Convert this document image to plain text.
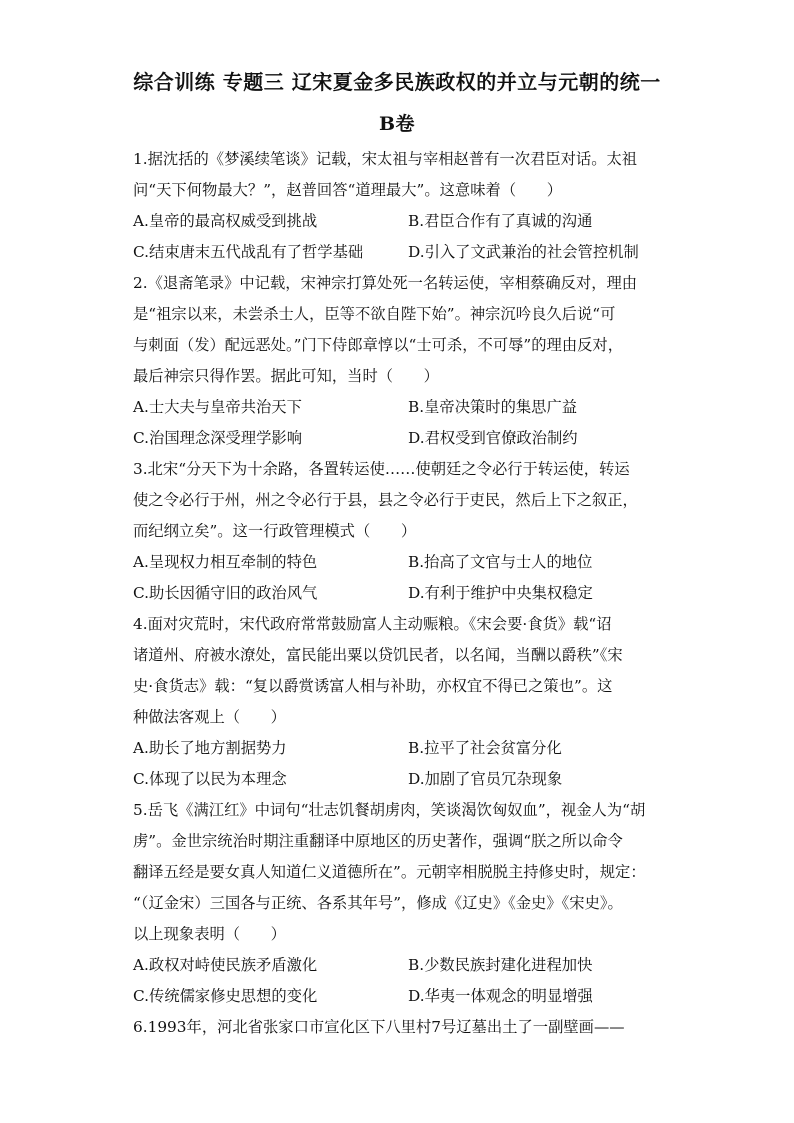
综合训练 专题三 辽宋夏金多民族政权的并立与元朝的统一
B卷
1.据沈括的《梦溪续笔谈》记载，宋太祖与宰相赵普有一次君臣对话。太祖
问“天下何物最大？”，赵普回答“道理最大”。这意味着（　　）
A.皇帝的最高权威受到挑战	B.君臣合作有了真诚的沟通
C.结束唐末五代战乱有了哲学基础	D.引入了文武兼治的社会管控机制
2.《退斋笔录》中记载，宋神宗打算处死一名转运使，宰相蔡确反对，理由
是“祖宗以来，未尝杀士人，臣等不欲自陛下始”。神宗沉吟良久后说“可
与刺面（发）配远恶处。”门下侍郎章惇以“士可杀，不可辱”的理由反对，
最后神宗只得作罢。据此可知，当时（　　）
A.士大夫与皇帝共治天下	B.皇帝决策时的集思广益
C.治国理念深受理学影响	D.君权受到官僚政治制约
3.北宋“分天下为十余路，各置转运使……使朝廷之令必行于转运使，转运
使之令必行于州，州之令必行于县，县之令必行于吏民，然后上下之叙正，
而纪纲立矣”。这一行政管理模式（　　）
A.呈现权力相互牵制的特色	B.抬高了文官与士人的地位
C.助长因循守旧的政治风气	D.有利于维护中央集权稳定
4.面对灾荒时，宋代政府常常鼓励富人主动赈粮。《宋会要·食货》载“诏
诸道州、府被水潦处，富民能出粟以贷饥民者，以名闻，当酬以爵秩”《宋
史·食货志》载：“复以爵赏诱富人相与补助，亦权宜不得已之策也”。这
种做法客观上（　　）
A.助长了地方割据势力	B.拉平了社会贫富分化
C.体现了以民为本理念	D.加剧了官员冗杂现象
5.岳飞《满江红》中词句“壮志饥餐胡虏肉，笑谈渴饮匈奴血”，视金人为“胡
虏”。金世宗统治时期注重翻译中原地区的历史著作，强调“朕之所以命令
翻译五经是要女真人知道仁义道德所在”。元朝宰相脱脱主持修史时，规定：
“（辽金宋）三国各与正统、各系其年号”，修成《辽史》《金史》《宋史》。
以上现象表明（　　）
A.政权对峙使民族矛盾激化	B.少数民族封建化进程加快
C.传统儒家修史思想的变化	D.华夷一体观念的明显增强
6.1993年，河北省张家口市宣化区下八里村7号辽墓出土了一副壁画——
